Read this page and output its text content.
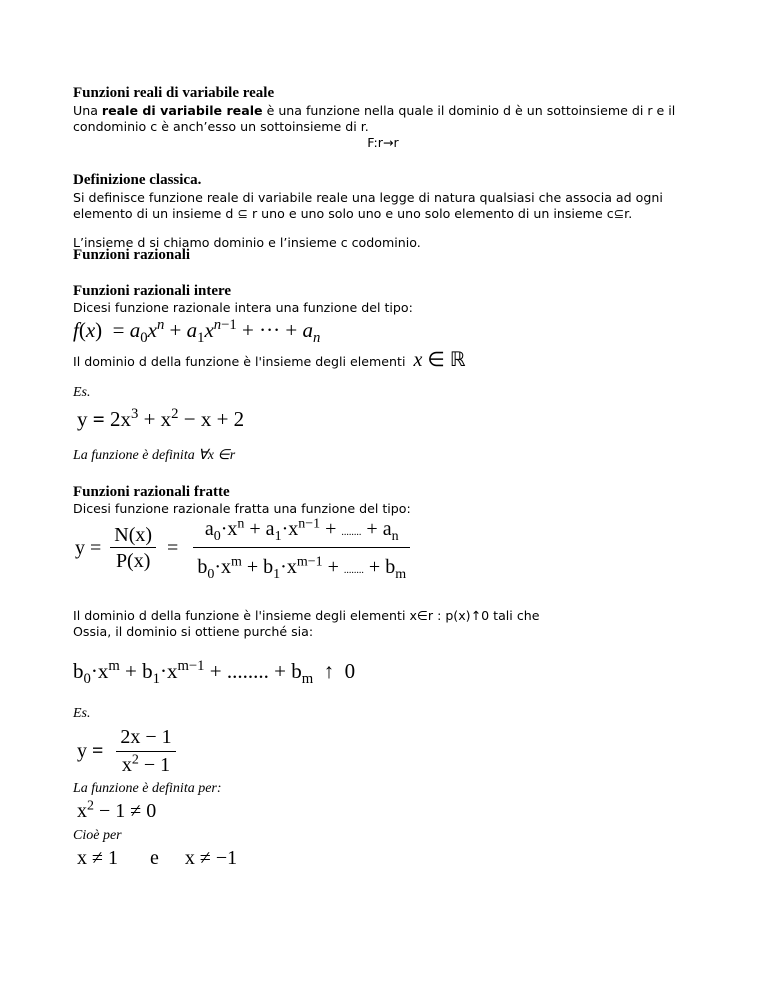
Funzioni reali di variabile reale

Una reale di variabile reale è una funzione nella quale il dominio d è un sottoinsieme di r e il condominio c è anch’esso un sottoinsieme di r.

F:r→r

Definizione classica.

Si definisce funzione reale di variabile reale una legge di natura qualsiasi che associa ad ogni elemento di un insieme d ⊆ r uno e uno solo uno e uno solo elemento di un insieme c⊆r.

L’insieme d si chiamo dominio e l’insieme c codominio.

Funzioni razionali

Funzioni razionali intere

Dicesi funzione razionale intera una funzione del tipo:

$f(x) = a_0x^n + a_1x^{n-1}$ + ··· + $a_n$
Il dominio d della funzione è l'insieme degli elementi x ∈ ℝ

Es.

$y = 2x^3 + x^2 - x + 2$

La funzione è definita ∀x ∈r

Funzioni razionali fratte

Dicesi funzione razionale fratta una funzione del tipo:

$y = \frac{N(x)}{P(x)} = \frac{a_0\cdot x^n + a_1\cdot x^{n-1} + ........ + a_n}{b_0\cdot x^m + b_1\cdot x^{m-1} + ........ + b_m}$

Il dominio d della funzione è l'insieme degli elementi x∈r : p(x)↑0 tali che

Ossia, il dominio si ottiene purché sia:

$b_0\cdot x^m + b_1\cdot x^{m-1}$ + ........ + $b_m$  ↑  0

Es.

$y = \frac{2x - 1}{x^2 - 1}$

La funzione è definita per:

$x^2 - 1 \ne 0$

Cioè per

x ≠ 1 e x ≠ −1
